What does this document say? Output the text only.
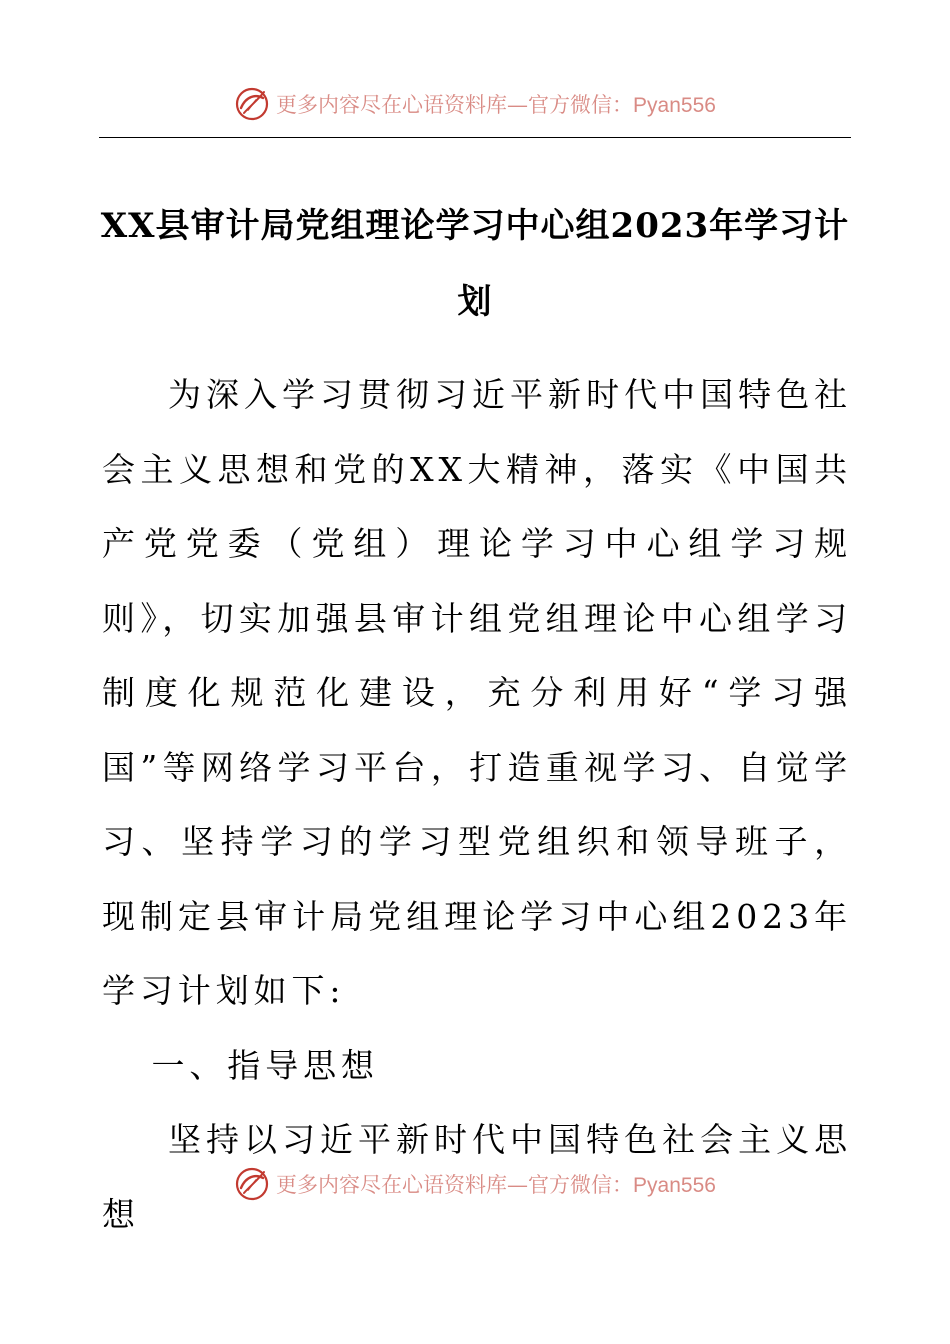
更多内容尽在心语资料库—官方微信：Pyan556
XX县审计局党组理论学习中心组2023年学习计划

为深入学习贯彻习近平新时代中国特色社会主义思想和党的XX大精神，落实《中国共产党党委（党组）理论学习中心组学习规则》，切实加强县审计组党组理论中心组学习制度化规范化建设，充分利用好“学习强国”等网络学习平台，打造重视学习、自觉学习、坚持学习的学习型党组织和领导班子，现制定县审计局党组理论学习中心组2023年学习计划如下:

一、指导思想

坚持以习近平新时代中国特色社会主义思想

更多内容尽在心语资料库—官方微信：Pyan556
